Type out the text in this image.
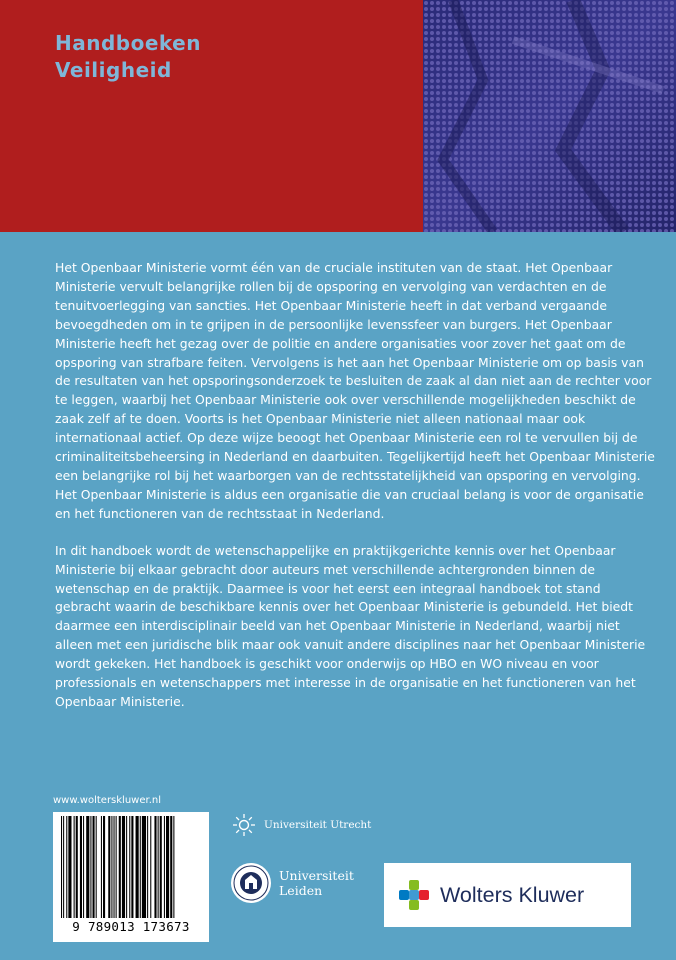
Handboeken
Veiligheid

Het Openbaar Ministerie vormt één van de cruciale instituten van de staat. Het Openbaar Ministerie vervult belangrijke rollen bij de opsporing en vervolging van verdachten en de tenuitvoerlegging van sancties. Het Openbaar Ministerie heeft in dat verband vergaande bevoegdheden om in te grijpen in de persoonlijke levenssfeer van burgers. Het Openbaar Ministerie heeft het gezag over de politie en andere organisaties voor zover het gaat om de opsporing van strafbare feiten. Vervolgens is het aan het Openbaar Ministerie om op basis van de resultaten van het opsporingsonderzoek te besluiten de zaak al dan niet aan de rechter voor te leggen, waarbij het Openbaar Ministerie ook over verschillende mogelijkheden beschikt de zaak zelf af te doen. Voorts is het Openbaar Ministerie niet alleen nationaal maar ook internationaal actief. Op deze wijze beoogt het Openbaar Ministerie een rol te vervullen bij de criminaliteitsbeheersing in Nederland en daarbuiten. Tegelijkertijd heeft het Openbaar Ministerie een belangrijke rol bij het waarborgen van de rechtsstatelijkheid van opsporing en vervolging. Het Openbaar Ministerie is aldus een organisatie die van cruciaal belang is voor de organisatie en het functioneren van de rechtsstaat in Nederland.

In dit handboek wordt de wetenschappelijke en praktijkgerichte kennis over het Openbaar Ministerie bij elkaar gebracht door auteurs met verschillende achtergronden binnen de wetenschap en de praktijk. Daarmee is voor het eerst een integraal handboek tot stand gebracht waarin de beschikbare kennis over het Openbaar Ministerie is gebundeld. Het biedt daarmee een interdisciplinair beeld van het Openbaar Ministerie in Nederland, waarbij niet alleen met een juridische blik maar ook vanuit andere disciplines naar het Openbaar Ministerie wordt gekeken. Het handboek is geschikt voor onderwijs op HBO en WO niveau en voor professionals en wetenschappers met interesse in de organisatie en het functioneren van het Openbaar Ministerie.

www.wolterskluwer.nl
9 789013 173673
Universiteit Utrecht
Universiteit
Leiden	Wolters Kluwer
